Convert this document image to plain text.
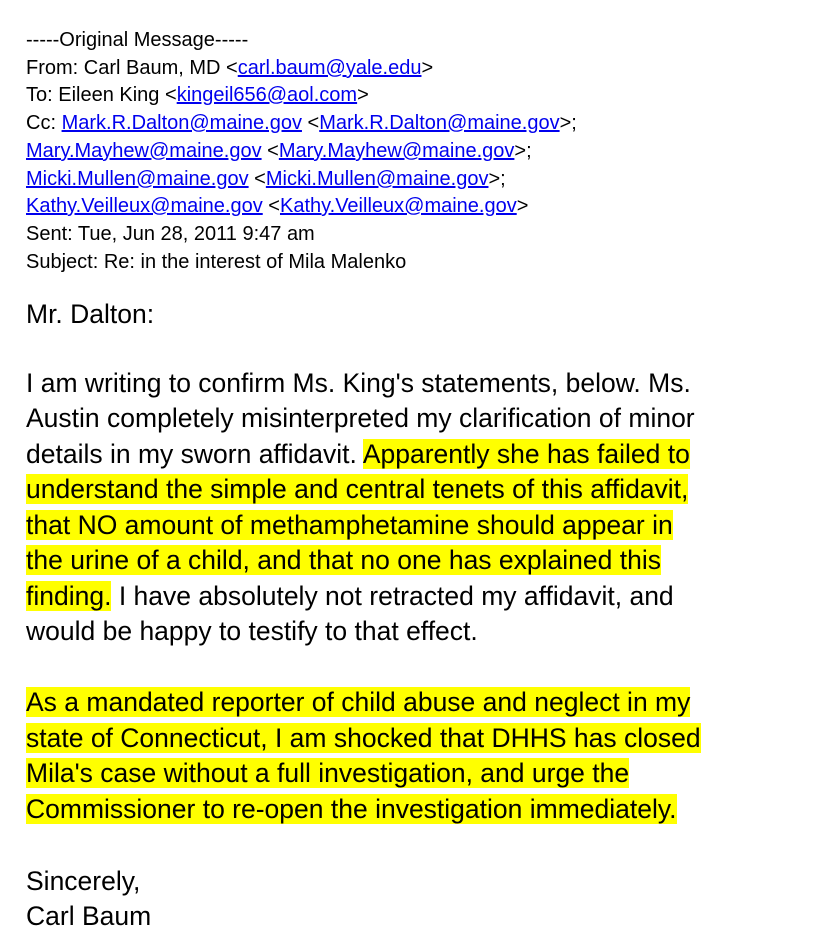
-----Original Message-----
From: Carl Baum, MD <carl.baum@yale.edu>
To: Eileen King <kingeil656@aol.com>
Cc: Mark.R.Dalton@maine.gov <Mark.R.Dalton@maine.gov>;
Mary.Mayhew@maine.gov <Mary.Mayhew@maine.gov>;
Micki.Mullen@maine.gov <Micki.Mullen@maine.gov>;
Kathy.Veilleux@maine.gov <Kathy.Veilleux@maine.gov>
Sent: Tue, Jun 28, 2011 9:47 am
Subject: Re: in the interest of Mila Malenko
Mr. Dalton:
I am writing to confirm Ms. King's statements, below. Ms.
Austin completely misinterpreted my clarification of minor
details in my sworn affidavit. Apparently she has failed to
understand the simple and central tenets of this affidavit,
that NO amount of methamphetamine should appear in
the urine of a child, and that no one has explained this
finding. I have absolutely not retracted my affidavit, and
would be happy to testify to that effect.
As a mandated reporter of child abuse and neglect in my
state of Connecticut, I am shocked that DHHS has closed
Mila's case without a full investigation, and urge the
Commissioner to re-open the investigation immediately.
Sincerely,
Carl Baum
